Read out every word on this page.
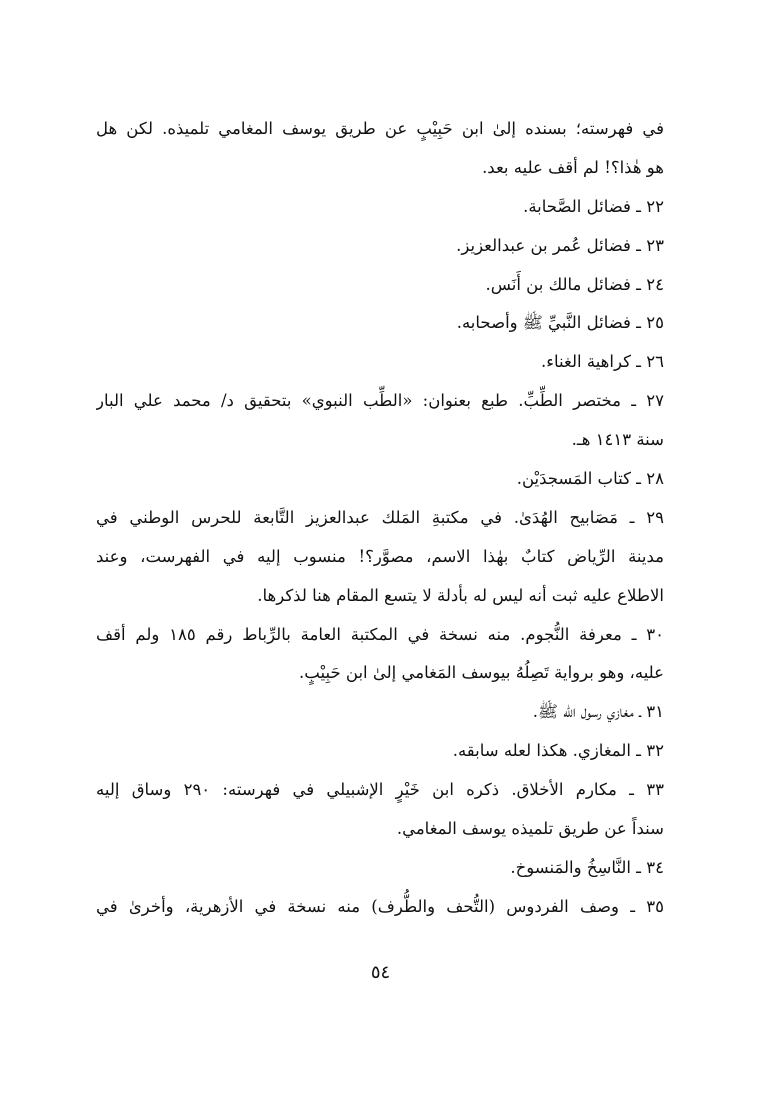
في فهرسته؛ بسنده إلىٰ ابن حَبِيْبٍ عن طريق يوسف المغامي تلميذه. لكن هل
هو هٰذا؟! لم أقف عليه بعد.
٢٢ ـ فضائل الصَّحابة.
٢٣ ـ فضائل عُمر بن عبدالعزيز.
٢٤ ـ فضائل مالك بن أَنَس.
٢٥ ـ فضائل النَّبيِّ ﷺ وأصحابه.
٢٦ ـ كراهية الغناء.
٢٧ ـ مختصر الطِّبِّ. طبع بعنوان: «الطِّب النبوي» بتحقيق د/ محمد علي البار
سنة ١٤١٣ هـ.
٢٨ ـ كتاب المَسجدَيْن.
٢٩ ـ مَصَابيح الهُدَىٰ. في مكتبةِ المَلك عبدالعزيز التَّابعة للحرس الوطني في
مدينة الرِّياض كتابٌ بهٰذا الاسم، مصوَّر؟! منسوب إليه في الفهرست، وعند
الاطلاع عليه ثبت أنه ليس له بأدلة لا يتسع المقام هنا لذكرها.
٣٠ ـ معرفة النُّجوم. منه نسخة في المكتبة العامة بالرِّباط رقم ١٨٥ ولم أقف
عليه، وهو برواية تَصِلُهُ بيوسف المَغامي إلىٰ ابن حَبِيْبٍ.
٣١ ـ مغازي رسول الله ﷺ.
٣٢ ـ المغازي. هكذا لعله سابقه.
٣٣ ـ مكارم الأخلاق. ذكره ابن خَيْرٍ الإشبيلي في فهرسته: ٢٩٠ وساق إليه
سنداً عن طريق تلميذه يوسف المغامي.
٣٤ ـ النَّاسِخُ والمَنسوخ.
٣٥ ـ وصف الفردوس (التُّحف والطُّرف) منه نسخة في الأزهرية، وأخرىٰ في
٥٤
